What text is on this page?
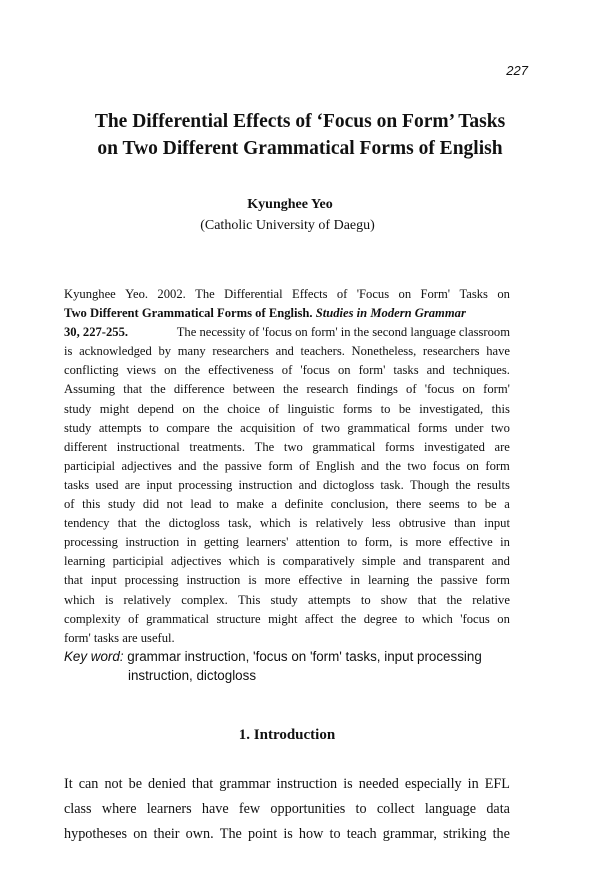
227
The Differential Effects of ‘Focus on Form’ Tasks
on Two Different Grammatical Forms of English
Kyunghee Yeo
(Catholic University of Daegu)
Kyunghee Yeo. 2002. The Differential Effects of 'Focus on Form' Tasks on
Two Different Grammatical Forms of English. Studies in Modern Grammar
30, 227-255.	The necessity of 'focus on form' in the second language classroom
is acknowledged by many researchers and teachers. Nonetheless, researchers have
conflicting views on the effectiveness of 'focus on form' tasks and techniques.
Assuming that the difference between the research findings of 'focus on form'
study might depend on the choice of linguistic forms to be investigated, this
study attempts to compare the acquisition of two grammatical forms under two
different instructional treatments. The two grammatical forms investigated are
participial adjectives and the passive form of English and the two focus on form
tasks used are input processing instruction and dictogloss task. Though the results
of this study did not lead to make a definite conclusion, there seems to be a
tendency that the dictogloss task, which is relatively less obtrusive than input
processing instruction in getting learners' attention to form, is more effective in
learning participial adjectives which is comparatively simple and transparent and
that input processing instruction is more effective in learning the passive form
which is relatively complex. This study attempts to show that the relative
complexity of grammatical structure might affect the degree to which 'focus on
form' tasks are useful.
Key word: grammar instruction, 'focus on 'form' tasks, input processing
instruction, dictogloss
1. Introduction
It can not be denied that grammar instruction is needed especially in EFL
class where learners have few opportunities to collect language data
hypotheses on their own. The point is how to teach grammar, striking the
